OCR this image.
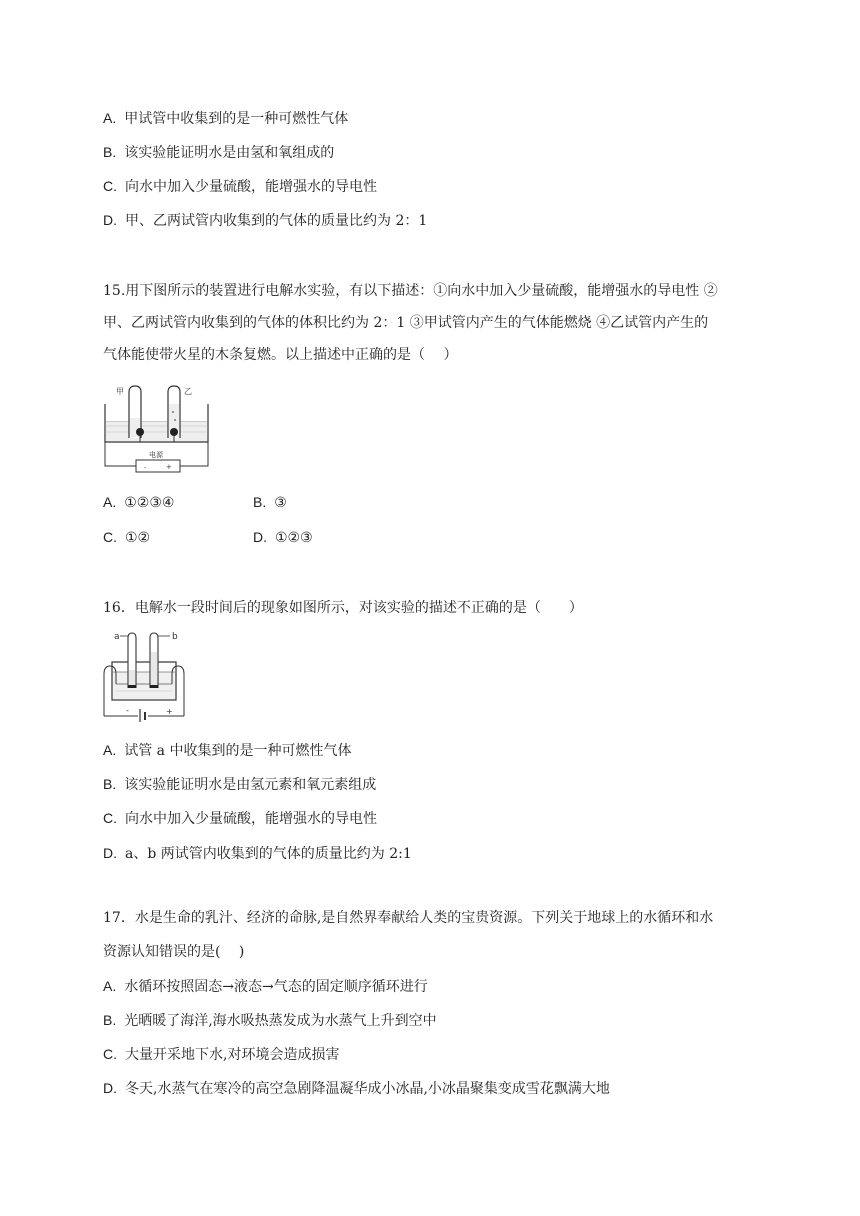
A. 甲试管中收集到的是一种可燃性气体
B. 该实验能证明水是由氢和氧组成的
C. 向水中加入少量硫酸，能增强水的导电性
D. 甲、乙两试管内收集到的气体的质量比约为 2：1
15.用下图所示的装置进行电解水实验，有以下描述：①向水中加入少量硫酸，能增强水的导电性 ②
甲、乙两试管内收集到的气体的体积比约为 2：1 ③甲试管内产生的气体能燃烧 ④乙试管内产生的
气体能使带火星的木条复燃。以上描述中正确的是（　 ）
-	+
电源
甲	乙
A. ①②③④	B. ③
C. ①②	D. ①②③
16．电解水一段时间后的现象如图所示，对该实验的描述不正确的是（　　）
-	+
a	b
A. 试管 a 中收集到的是一种可燃性气体
B. 该实验能证明水是由氢元素和氧元素组成
C. 向水中加入少量硫酸，能增强水的导电性
D. a、b 两试管内收集到的气体的质量比约为 2:1
17．水是生命的乳汁、经济的命脉,是自然界奉献给人类的宝贵资源。下列关于地球上的水循环和水
资源认知错误的是(　 )
A. 水循环按照固态→液态→气态的固定顺序循环进行
B. 光晒暖了海洋,海水吸热蒸发成为水蒸气上升到空中
C. 大量开采地下水,对环境会造成损害
D. 冬天,水蒸气在寒冷的高空急剧降温凝华成小冰晶,小冰晶聚集变成雪花飘满大地
